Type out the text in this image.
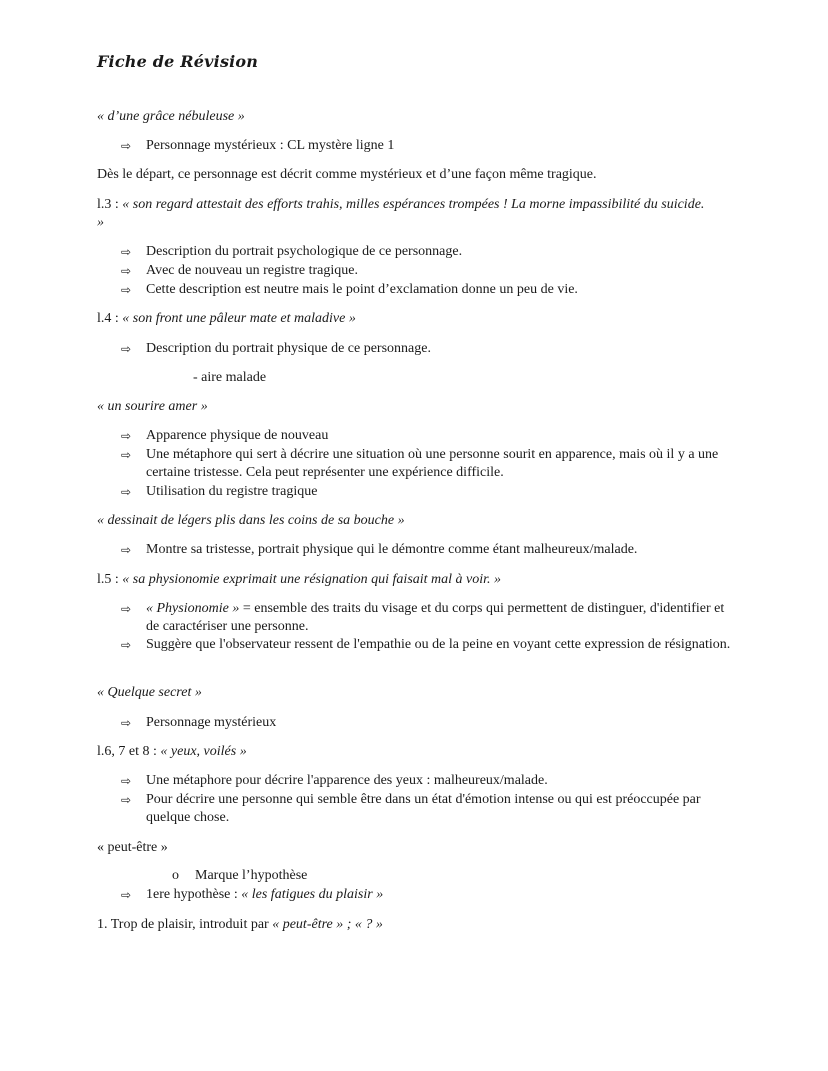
Fiche de Révision
« d’une grâce nébuleuse »
⇨ Personnage mystérieux : CL mystère ligne 1
Dès le départ, ce personnage est décrit comme mystérieux et d’une façon même tragique.
l.3 : « son regard attestait des efforts trahis, milles espérances trompées ! La morne impassibilité du suicide. »
⇨ Description du portrait psychologique de ce personnage.
⇨ Avec de nouveau un registre tragique.
⇨ Cette description est neutre mais le point d’exclamation donne un peu de vie.
l.4 : « son front une pâleur mate et maladive »
⇨ Description du portrait physique de ce personnage.
- aire malade
« un sourire amer »
⇨ Apparence physique de nouveau
⇨ Une métaphore qui sert à décrire une situation où une personne sourit en apparence, mais où il y a une certaine tristesse. Cela peut représenter une expérience difficile.
⇨ Utilisation du registre tragique
« dessinait de légers plis dans les coins de sa bouche »
⇨ Montre sa tristesse, portrait physique qui le démontre comme étant malheureux/malade.
l.5 : « sa physionomie exprimait une résignation qui faisait mal à voir. »
⇨ « Physionomie » = ensemble des traits du visage et du corps qui permettent de distinguer, d'identifier et de caractériser une personne.
⇨ Suggère que l'observateur ressent de l'empathie ou de la peine en voyant cette expression de résignation.
« Quelque secret »
⇨ Personnage mystérieux
l.6, 7 et 8 : « yeux, voilés »
⇨ Une métaphore pour décrire l'apparence des yeux : malheureux/malade.
⇨ Pour décrire une personne qui semble être dans un état d'émotion intense ou qui est préoccupée par quelque chose.
« peut-être »
o Marque l’hypothèse
⇨ 1ere hypothèse : « les fatigues du plaisir »
1. Trop de plaisir, introduit par « peut-être » ; « ? »
